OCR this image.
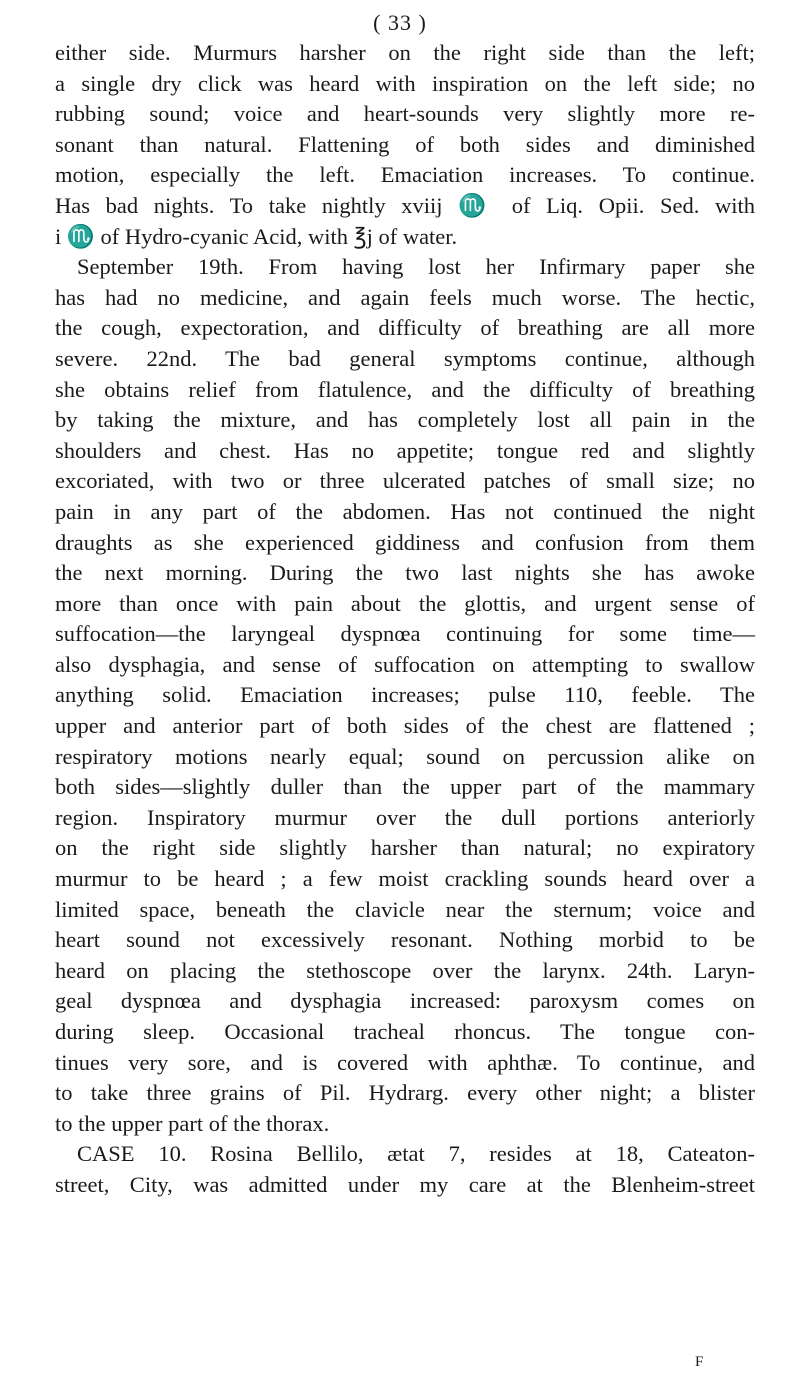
( 33 )
either side. Murmurs harsher on the right side than the left;
a single dry click was heard with inspiration on the left side; no
rubbing sound; voice and heart-sounds very slightly more re-
sonant than natural. Flattening of both sides and diminished
motion, especially the left. Emaciation increases. To continue.
Has bad nights. To take nightly xviij ♏ of Liq. Opii. Sed. with
i ♏ of Hydro-cyanic Acid, with ℥j of water.
September 19th. From having lost her Infirmary paper she
has had no medicine, and again feels much worse. The hectic,
the cough, expectoration, and difficulty of breathing are all more
severe. 22nd. The bad general symptoms continue, although
she obtains relief from flatulence, and the difficulty of breathing
by taking the mixture, and has completely lost all pain in the
shoulders and chest. Has no appetite; tongue red and slightly
excoriated, with two or three ulcerated patches of small size; no
pain in any part of the abdomen. Has not continued the night
draughts as she experienced giddiness and confusion from them
the next morning. During the two last nights she has awoke
more than once with pain about the glottis, and urgent sense of
suffocation—the laryngeal dyspnœa continuing for some time—
also dysphagia, and sense of suffocation on attempting to swallow
anything solid. Emaciation increases; pulse 110, feeble. The
upper and anterior part of both sides of the chest are flattened ;
respiratory motions nearly equal; sound on percussion alike on
both sides—slightly duller than the upper part of the mammary
region. Inspiratory murmur over the dull portions anteriorly
on the right side slightly harsher than natural; no expiratory
murmur to be heard ; a few moist crackling sounds heard over a
limited space, beneath the clavicle near the sternum; voice and
heart sound not excessively resonant. Nothing morbid to be
heard on placing the stethoscope over the larynx. 24th. Laryn-
geal dyspnœa and dysphagia increased: paroxysm comes on
during sleep. Occasional tracheal rhoncus. The tongue con-
tinues very sore, and is covered with aphthæ. To continue, and
to take three grains of Pil. Hydrarg. every other night; a blister
to the upper part of the thorax.
CASE 10. Rosina Bellilo, ætat 7, resides at 18, Cateaton-
street, City, was admitted under my care at the Blenheim-street
F
